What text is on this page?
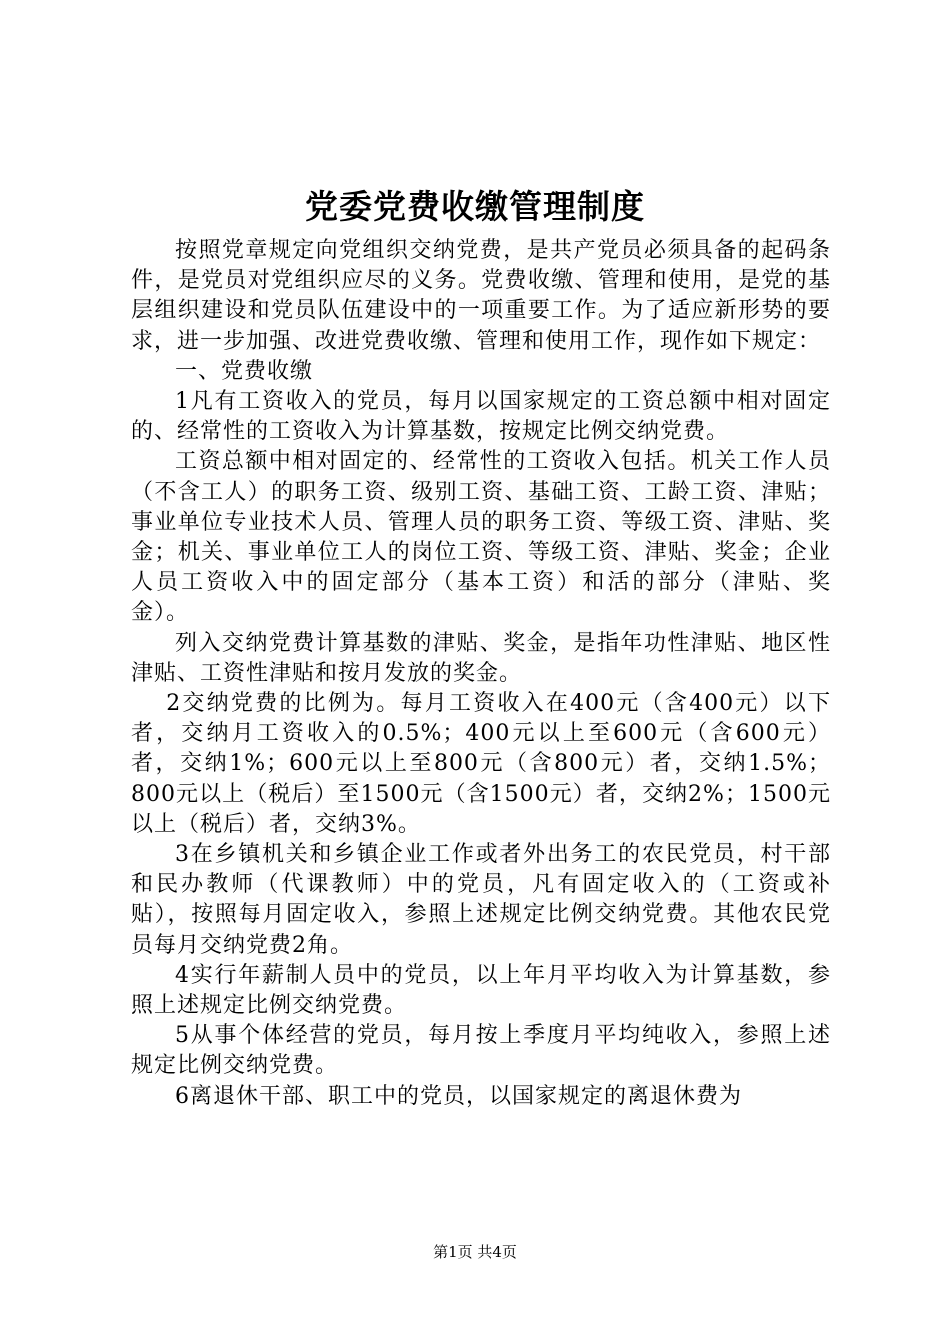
党委党费收缴管理制度

按照党章规定向党组织交纳党费，是共产党员必须具备的起码条件，是党员对党组织应尽的义务。党费收缴、管理和使用，是党的基层组织建设和党员队伍建设中的一项重要工作。为了适应新形势的要求，进一步加强、改进党费收缴、管理和使用工作，现作如下规定：

一、党费收缴

1凡有工资收入的党员，每月以国家规定的工资总额中相对固定的、经常性的工资收入为计算基数，按规定比例交纳党费。

工资总额中相对固定的、经常性的工资收入包括。机关工作人员（不含工人）的职务工资、级别工资、基础工资、工龄工资、津贴；事业单位专业技术人员、管理人员的职务工资、等级工资、津贴、奖金；机关、事业单位工人的岗位工资、等级工资、津贴、奖金；企业人员工资收入中的固定部分（基本工资）和活的部分（津贴、奖金）。

列入交纳党费计算基数的津贴、奖金，是指年功性津贴、地区性津贴、工资性津贴和按月发放的奖金。

2交纳党费的比例为。每月工资收入在400元（含400元）以下者，交纳月工资收入的0.5%；400元以上至600元（含600元）者，交纳1%；600元以上至800元（含800元）者，交纳1.5%；800元以上（税后）至1500元（含1500元）者，交纳2%；1500元以上（税后）者，交纳3%。

3在乡镇机关和乡镇企业工作或者外出务工的农民党员，村干部和民办教师（代课教师）中的党员，凡有固定收入的（工资或补贴），按照每月固定收入，参照上述规定比例交纳党费。其他农民党员每月交纳党费2角。

4实行年薪制人员中的党员，以上年月平均收入为计算基数，参照上述规定比例交纳党费。

5从事个体经营的党员，每月按上季度月平均纯收入，参照上述规定比例交纳党费。

6离退休干部、职工中的党员，以国家规定的离退休费为

第1页 共4页
